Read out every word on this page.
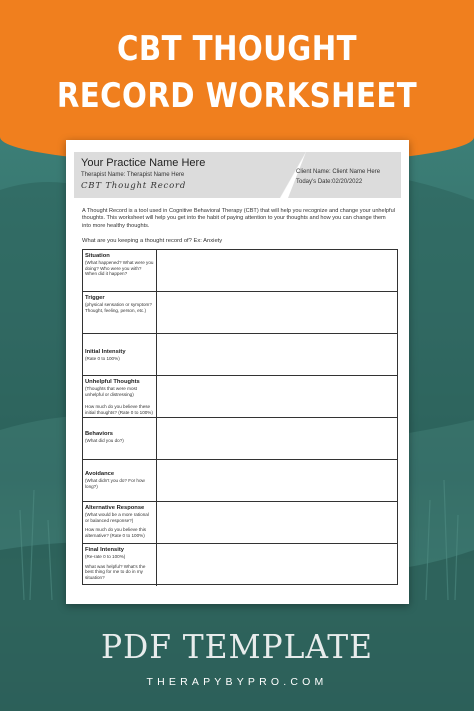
CBT THOUGHT
RECORD WORKSHEET
Your Practice Name Here
Therapist Name: Therapist Name Here
CBT Thought Record
Client Name: Client Name Here
Today's Date:02/20/2022
A Thought Record is a tool used in Cognitive Behavioral Therapy (CBT) that will help you recognize and change your unhelpful thoughts. This worksheet will help you get into the habit of paying attention to your thoughts and how you can change them into more healthy thoughts.
What are you keeping a thought record of? Ex: Anxiety
Situation
(What happened? What were you doing? Who were you with? When did it happen?
Trigger
(physical sensation or symptom? Thought, feeling, person, etc.)
Initial Intensity
(Rate 0 to 100%)
Unhelpful Thoughts
(Thoughts that were most unhelpful or distressing)
How much do you believe these initial thoughts? (Rate 0 to 100%)
Behaviors
(What did you do?)
Avoidance
(What didn't you do? For how long?)
Alternative Response
(What would be a more rational or balanced response?)
How much do you believe this alternative? (Rate 0 to 100%)
Final Intensity
(Re-rate 0 to 100%)
What was helpful? What's the best thing for me to do in my situation?
PDF TEMPLATE
THERAPYBYPRO.COM
